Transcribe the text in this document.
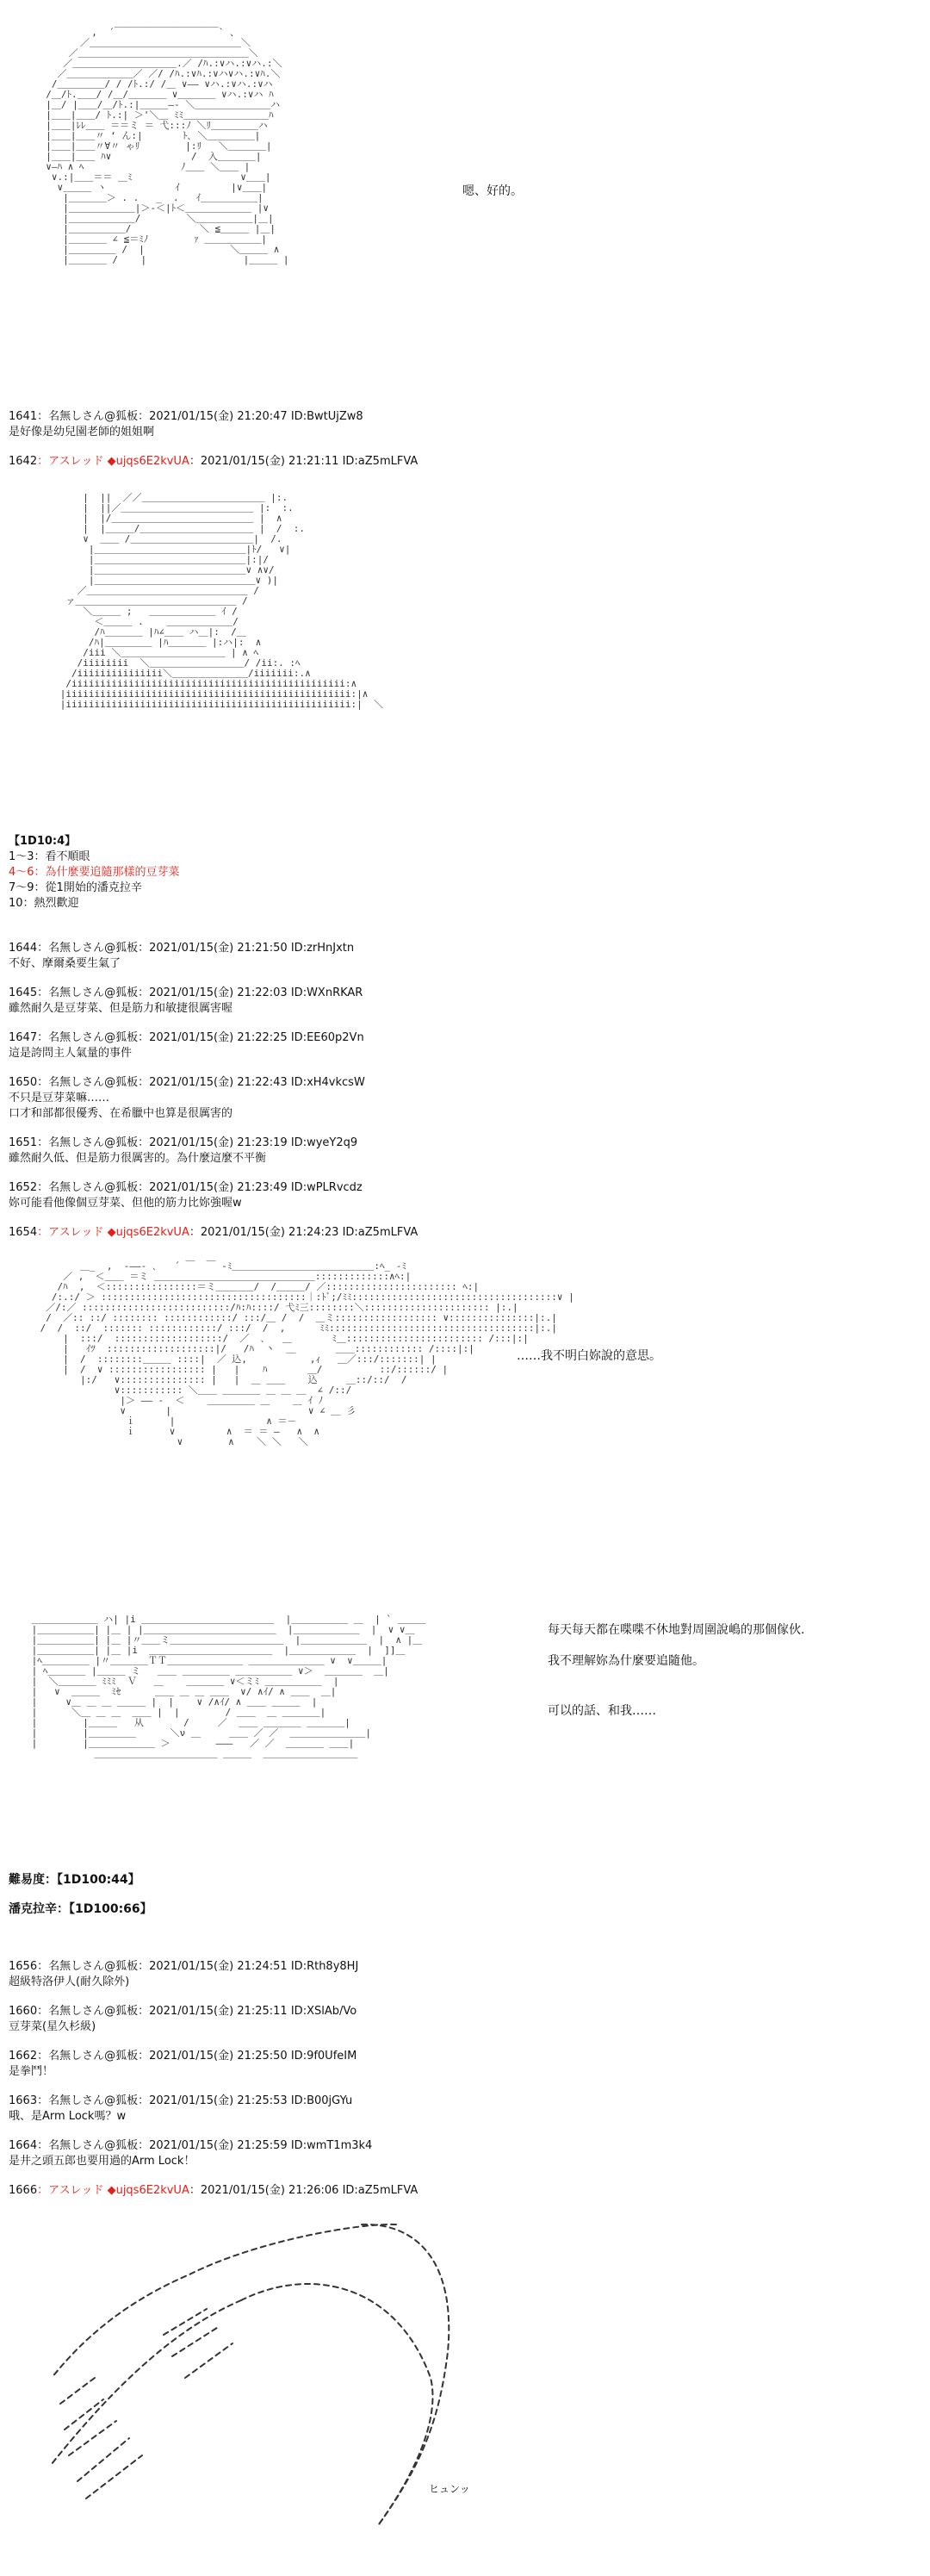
,  ´￣￣￣￣￣￣￣￣￣￣￣` 、
／＿＿＿＿＿＿＿＿＿＿＿＿＿＿＿＿＼
／＿＿＿＿＿＿＿＿＿＿＿＿＿＿＿＿＿＿＼
／＿＿＿＿＿＿＿＿＿＿＿.／ /ﾊ.:∨ハ.:∨ハ.:＼
／＿＿＿＿＿＿＿／ ／/ /ﾊ.:∨ﾊ.:∨ハ∨ハ.:∨ﾊ.＼
/＿＿＿＿＿/ / /ﾄ.:/ /＿ ∨―― ∨ハ.:∨ハ.:∨ハ
/＿/ﾄ.＿＿/ /＿/＿＿＿＿ ∨＿＿＿＿ ∨ハ.:∨ハ ﾊ
|＿/ |＿＿/＿/ﾄ.:|＿＿＿―‐ ＼＿＿＿＿＿＿＿＿ハ
|＿＿|＿＿/ ﾄ.:| ＞'＼＿ ﾐﾐ＿＿＿＿＿＿＿＿＿ﾊ
|＿＿|ﾚﾚ＿＿ ＝＝ミ ＝ 弋:::ﾉ ＼ﾘ＿＿＿＿＿ハ
|＿＿|＿＿〃 ‘ ん:|       ﾄ､ ＼＿＿＿＿＿|
|＿＿|＿＿〃∀〃 ゃﾘ        |:ﾘ   ＼＿＿＿＿|
|＿＿|＿＿ ﾊ∨              /  入＿＿＿＿|
∨―ﾊ ∧ ﾍ                 ﾉ＿＿ ＼＿＿ |
∨.:|＿＿＝＝ ＿ﾐ                   ∨＿＿|
∨＿＿＿ ヽ            ｲ         |∨＿＿|
|＿＿＿＿＞ . .   _  .   ｲ＿＿＿＿＿＿|
|＿＿＿＿＿＿＿|＞-＜|ﾄ＜＿＿＿＿＿＿＿ |∨
|＿＿＿＿＿＿＿/        ＼＿＿＿＿＿＿|＿|
|＿＿＿＿＿＿/            ＼ ≦＿＿＿ |＿|
|＿＿＿＿ ∠ ≦＝ﾐﾉ        ｧ ＿＿＿＿＿＿|
|＿＿＿＿＿ /  |               ＼＿＿＿ ∧
|＿＿＿＿ /    |                 |＿＿＿ |

嗯、好的。
1641：名無しさん@狐板：2021/01/15(金) 21:20:47 ID:BwtUjZw8
是好像是幼兒園老師的姐姐啊
1642：アスレッド ◆ujqs6E2kvUA：2021/01/15(金) 21:21:11 ID:aZ5mLFVA

|  ||  ／／＿＿＿＿＿＿＿＿＿＿＿＿＿ |:.
|  ||／＿＿＿＿＿＿＿＿＿＿＿＿＿＿ |:  :.
|  |/＿＿＿＿＿＿＿＿＿＿＿＿＿＿＿ |  ∧
|  |＿＿＿/＿＿＿＿＿＿＿＿＿＿＿＿ |  /  :.
∨  ＿＿ /＿＿＿＿＿＿＿＿＿＿＿＿＿|  /.
|＿＿＿＿＿＿＿＿＿＿＿＿＿＿＿＿|ﾄ/   ∨|
|＿＿＿＿＿＿＿＿＿＿＿＿＿＿＿＿|:|/
|＿＿＿＿＿＿＿＿＿＿＿＿＿＿＿＿∨ ∧∨/
|＿＿＿＿＿＿＿＿＿＿＿＿＿＿＿＿＿∨ )|
／＿＿＿＿＿＿＿＿＿＿＿＿＿＿＿＿＿ /
ァ＿＿＿＿＿＿＿＿＿＿＿＿＿＿＿＿＿ /
＼＿＿＿ ;   ＿＿＿＿＿＿＿ ｲ /
＜＿＿＿ .    ＿＿＿＿＿＿＿/
/ﾊ＿＿＿＿ |ﾊ∠＿＿ ハ＿|:  /＿
/ﾊ|＿＿＿＿＿ |ﾊ＿＿＿＿ |:ハ|:  ∧
/iii ＼＿＿＿＿＿＿＿＿＿＿＿ | ∧ ﾍ
/iiiiiiii  ＼＿＿＿＿＿＿＿＿＿＿/ /ii:. :ﾍ
/iiiiiiiiiiiiiii＼＿＿＿＿＿＿＿＿/iiiiiii:.∧
/iiiiiiiiiiiiiiiiiiiiiiiiiiiiiiiiiiiiiiiiiiiiiiii:∧
|iiiiiiiiiiiiiiiiiiiiiiiiiiiiiiiiiiiiiiiiiiiiiiiiii:|∧
|iiiiiiiiiiiiiiiiiiiiiiiiiiiiiiiiiiiiiiiiiiiiiiiiii:|  ＼

【1D10:4】
1～3：看不順眼
4～6：為什麼要追隨那樣的豆芽菜
7～9：從1開始的潘克拉辛
10：熱烈歡迎
1644：名無しさん@狐板：2021/01/15(金) 21:21:50 ID:zrHnJxtn
不好、摩爾桑要生氣了
1645：名無しさん@狐板：2021/01/15(金) 21:22:03 ID:WXnRKAR
雖然耐久是豆芽菜、但是筋力和敏捷很厲害喔
1647：名無しさん@狐板：2021/01/15(金) 21:22:25 ID:EE60p2Vn
這是誇問主人氣量的事件
1650：名無しさん@狐板：2021/01/15(金) 21:22:43 ID:xH4vkcsW
不只是豆芽菜嘛……
口才和部都很優秀、在希臘中也算是很厲害的
1651：名無しさん@狐板：2021/01/15(金) 21:23:19 ID:wyeY2q9
雖然耐久低、但是筋力很厲害的。為什麼這麼不平衡
1652：名無しさん@狐板：2021/01/15(金) 21:23:49 ID:wPLRvcdz
妳可能看他像個豆芽菜、但他的筋力比妳強喔w
1654：アスレッド ◆ujqs6E2kvUA：2021/01/15(金) 21:24:23 ID:aZ5mLFVA

＿_  ,  ‐――- ､   ´ ￣  ￣ -ﾐ＿＿＿＿＿＿＿＿＿＿＿＿＿＿＿:ﾍ_ -ﾐ
／ ,  ＜＿＿ ＝ミ ＿＿＿＿＿＿＿＿＿＿＿＿＿＿＿＿＿:::::::::::::∧ﾍ:|
/ﾊ  ,  ＜::::::::::::::::＝ミ＿＿＿＿/  /＿＿＿/ ／::::::::::::::::::::::: ﾍ:|
/:.:/ ＞ ::::::::::::::::::::::::::::::::::::｜:ﾄﾞ;/ﾐﾐ::::::::::::::::::::::::::::::::::::∨ |
／/:／ ::::::::::::::::::::::::::/ﾊ:ﾊ::::/ 弋ﾐ三::::::::＼:::::::::::::::::::::: |:.|
/  ／:: ::/ :::::::: ::::::::::::/ :::/＿ /  /  ＿ミ:::::::::::::::::: ∨:::::::::::::::|:.|
/  /  ::/  ::::::: ::::::::::::/ :::/  /  ,      ﾐﾐ::::::::::::::::::::::::::::::::::::|:.|
|  :::/  :::::::::::::::::::/  ／  ､   ＿       ﾐ＿:::::::::::::::::::::::: /:::|:|
|   ｲﾂ  :::::::::::::::::::|/   /ﾊ  丶  ＿       ＿＿:::::::::::: /::::|:|
|  /  ::::::::＿＿＿ ::::|  ／ 込,           ,ｨ   ＿／:::/:::::::| |
|  /  ∨ ::::::::::::::::: |   |    ﾊ       ＿/          ::/::::::/ |
|:/   ∨::::::::::::::: |   |  ＿ ＿＿    込     ＿::/::/  /
∨::::::::::: ＼＿＿ ＿＿＿＿ ＿ ＿ ＿  ∠ /::/
|＞ ―― ‐  ＜    ＿＿＿＿＿ ＿    ＿ ｲ ﾉ
∨       |                        ∨ ∠ ＿ 彡
ｉ      |                ∧ ＝－
ｉ      ∨         ∧  ＝ ＝ ―   ∧  ∧
∨        ∧    ＼ ＼   ＼

……我不明白妳說的意思。

＿＿＿＿＿＿＿ ハ| |i ＿＿＿＿＿＿＿＿＿＿＿＿＿＿  |＿＿＿＿＿＿ ＿  | ` ＿＿＿
|＿＿＿＿＿＿| |＿ | |＿＿＿＿＿＿＿＿＿＿＿＿＿＿  |＿＿＿＿＿＿＿  |  ∨ ∨＿
|＿＿＿＿＿＿| |＿ |〃＿＿ミ＿＿＿＿＿＿＿＿＿＿＿＿  |＿＿＿＿＿＿＿  |  ∧ |＿
|＿＿＿＿＿＿| |＿ |i  ＿＿＿＿＿＿＿＿＿＿＿＿＿  |＿＿＿＿＿＿＿  |  ]]＿
|ﾍ＿＿＿＿＿ |〃＿＿＿＿ＴＴ＿＿＿＿＿＿＿＿ ＿＿＿＿＿＿＿＿ ∨  ∨＿＿＿|
| ﾍ＿＿＿＿ |＿＿＿ ミ   ＿＿ ＿＿＿＿＿ ＿＿＿＿＿＿ ∨＞  ＿＿＿＿  ＿|
|  ＼＿＿＿＿ ﾐﾐﾐ  Ｖ   ＿    ＿＿＿＿ ∨＜ミﾐ ＿＿＿＿＿＿  |
|   ∨  ＿＿＿  ﾐｾ      ＿＿ ＿ ＿ ＿＿  ∨/ ∧ｲ/ ∧ ＿＿  ＿|
|     ∨＿ ＿ ＿ ＿＿＿ |  |    ∨ /∧ｲ/ ∧ ＿＿ ＿＿＿  |
|      ＼＿ ＿ ＿  ＿＿ |  |        / ＿＿  ＿ ＿＿＿＿|
|        |＿＿＿   从       /     ／  ＿＿ ＿＿＿＿ ＿＿＿＿|
|        |＿＿＿＿＿      ＼ν ＿     ＿＿ ／ ／  ＿＿＿＿＿＿＿＿|
|        |＿＿＿＿＿＿＿ ＞        ―――   ／ ／  ＿＿＿＿ ＿＿|
＿＿＿＿＿＿＿＿＿＿＿＿＿ ＿＿＿  ＿＿＿＿＿＿＿＿＿＿

每天每天都在喋喋不休地對周圍說嶋的那個傢伙.
我不理解妳為什麼要追隨他。
可以的話、和我……
難易度：【1D100:44】
潘克拉辛：【1D100:66】
1656：名無しさん@狐板：2021/01/15(金) 21:24:51 ID:Rth8y8HJ
超級特洛伊人(耐久除外)
1660：名無しさん@狐板：2021/01/15(金) 21:25:11 ID:XSlAb/Vo
豆芽菜(星久杉級)
1662：名無しさん@狐板：2021/01/15(金) 21:25:50 ID:9f0UfeIM
是拳鬥！
1663：名無しさん@狐板：2021/01/15(金) 21:25:53 ID:B00jGYu
哦、是Arm Lock嗎？w
1664：名無しさん@狐板：2021/01/15(金) 21:25:59 ID:wmT1m3k4
是井之頭五郎也要用過的Arm Lock！
1666：アスレッド ◆ujqs6E2kvUA：2021/01/15(金) 21:26:06 ID:aZ5mLFVA
ヒュンッ
